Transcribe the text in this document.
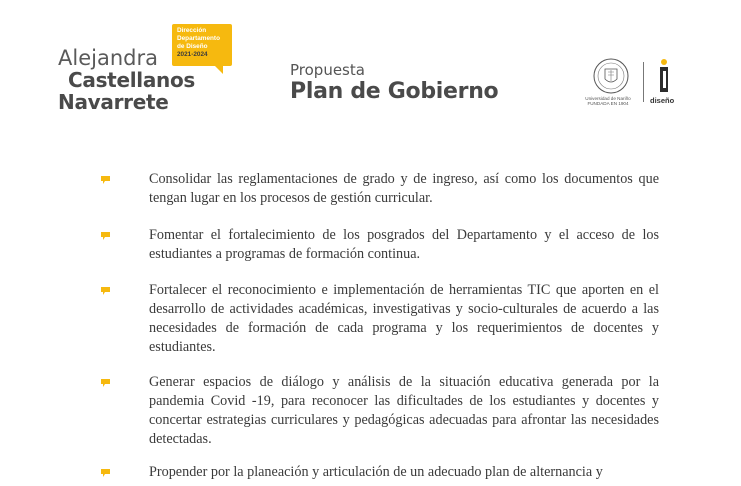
Alejandra
Castellanos
Navarrete
Dirección
Departamento
de Diseño
2021-2024
Propuesta
Plan de Gobierno	Universidad de Nariño
FUNDADA EN 1904	diseño

Consolidar las reglamentaciones de grado y de ingreso, así como los documentos que tengan lugar en los procesos de gestión curricular.

Fomentar el fortalecimiento de los posgrados del Departamento y el acceso de los estudiantes a programas de formación continua.

Fortalecer el reconocimiento e implementación de herramientas TIC que aporten en el desarrollo de actividades académicas, investigativas y socio-culturales de acuerdo a las necesidades de formación de cada programa y los requerimientos de docentes y estudiantes.

Generar espacios de diálogo y análisis de la situación educativa generada por la pandemia Covid -19, para reconocer las dificultades de los estudiantes y docentes y concertar estrategias curriculares y pedagógicas adecuadas para afrontar las necesidades detectadas.

Propender por la planeación y articulación de un adecuado plan de alternancia y
